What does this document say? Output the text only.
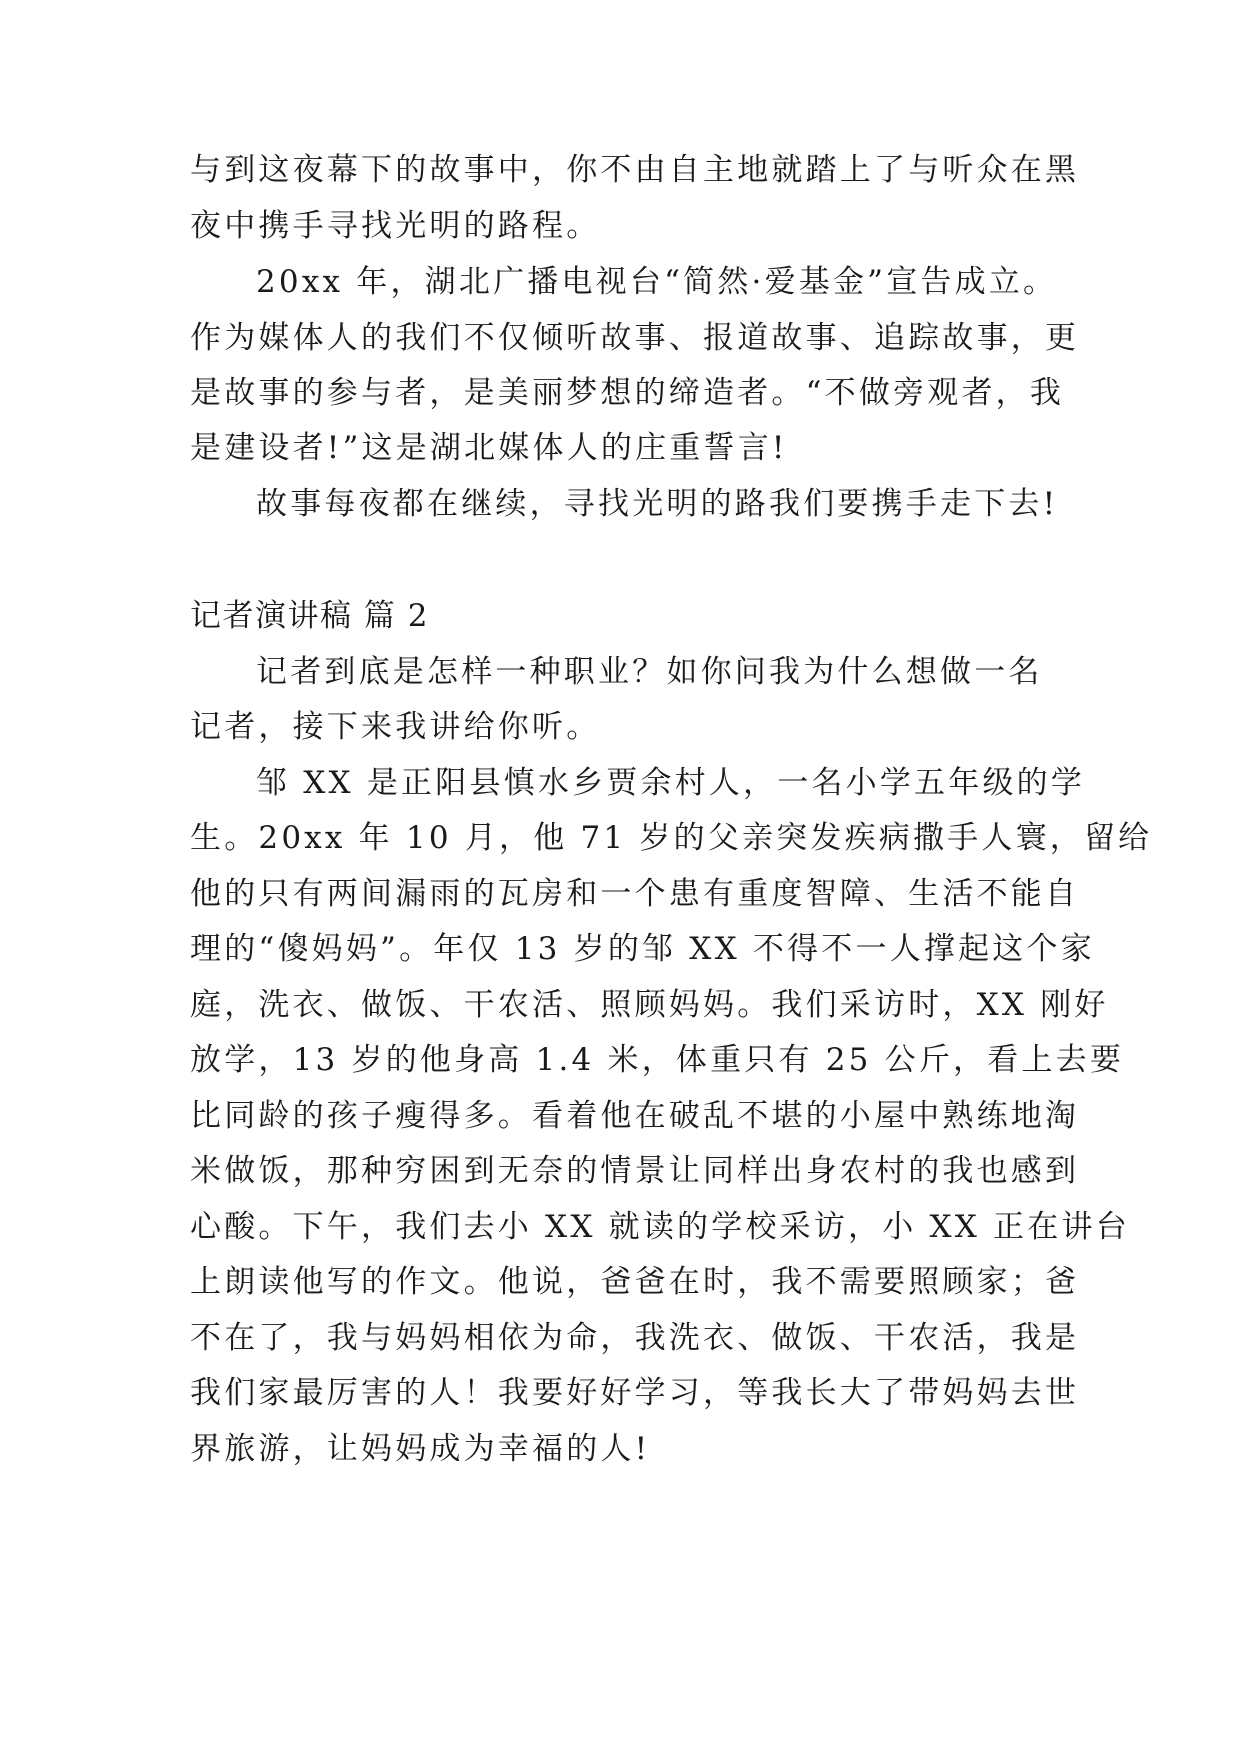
与到这夜幕下的故事中，你不由自主地就踏上了与听众在黑
夜中携手寻找光明的路程。
20xx 年，湖北广播电视台“简然·爱基金”宣告成立。
作为媒体人的我们不仅倾听故事、报道故事、追踪故事，更
是故事的参与者，是美丽梦想的缔造者。“不做旁观者，我
是建设者!”这是湖北媒体人的庄重誓言!
故事每夜都在继续，寻找光明的路我们要携手走下去!
记者演讲稿 篇 2
记者到底是怎样一种职业？如你问我为什么想做一名
记者，接下来我讲给你听。
邹 XX 是正阳县慎水乡贾余村人，一名小学五年级的学
生。20xx 年 10 月，他 71 岁的父亲突发疾病撒手人寰，留给
他的只有两间漏雨的瓦房和一个患有重度智障、生活不能自
理的“傻妈妈”。年仅 13 岁的邹 XX 不得不一人撑起这个家
庭，洗衣、做饭、干农活、照顾妈妈。我们采访时，XX 刚好
放学，13 岁的他身高 1.4 米，体重只有 25 公斤，看上去要
比同龄的孩子瘦得多。看着他在破乱不堪的小屋中熟练地淘
米做饭，那种穷困到无奈的情景让同样出身农村的我也感到
心酸。下午，我们去小 XX 就读的学校采访，小 XX 正在讲台
上朗读他写的作文。他说，爸爸在时，我不需要照顾家；爸
不在了，我与妈妈相依为命，我洗衣、做饭、干农活，我是
我们家最厉害的人！我要好好学习，等我长大了带妈妈去世
界旅游，让妈妈成为幸福的人!
